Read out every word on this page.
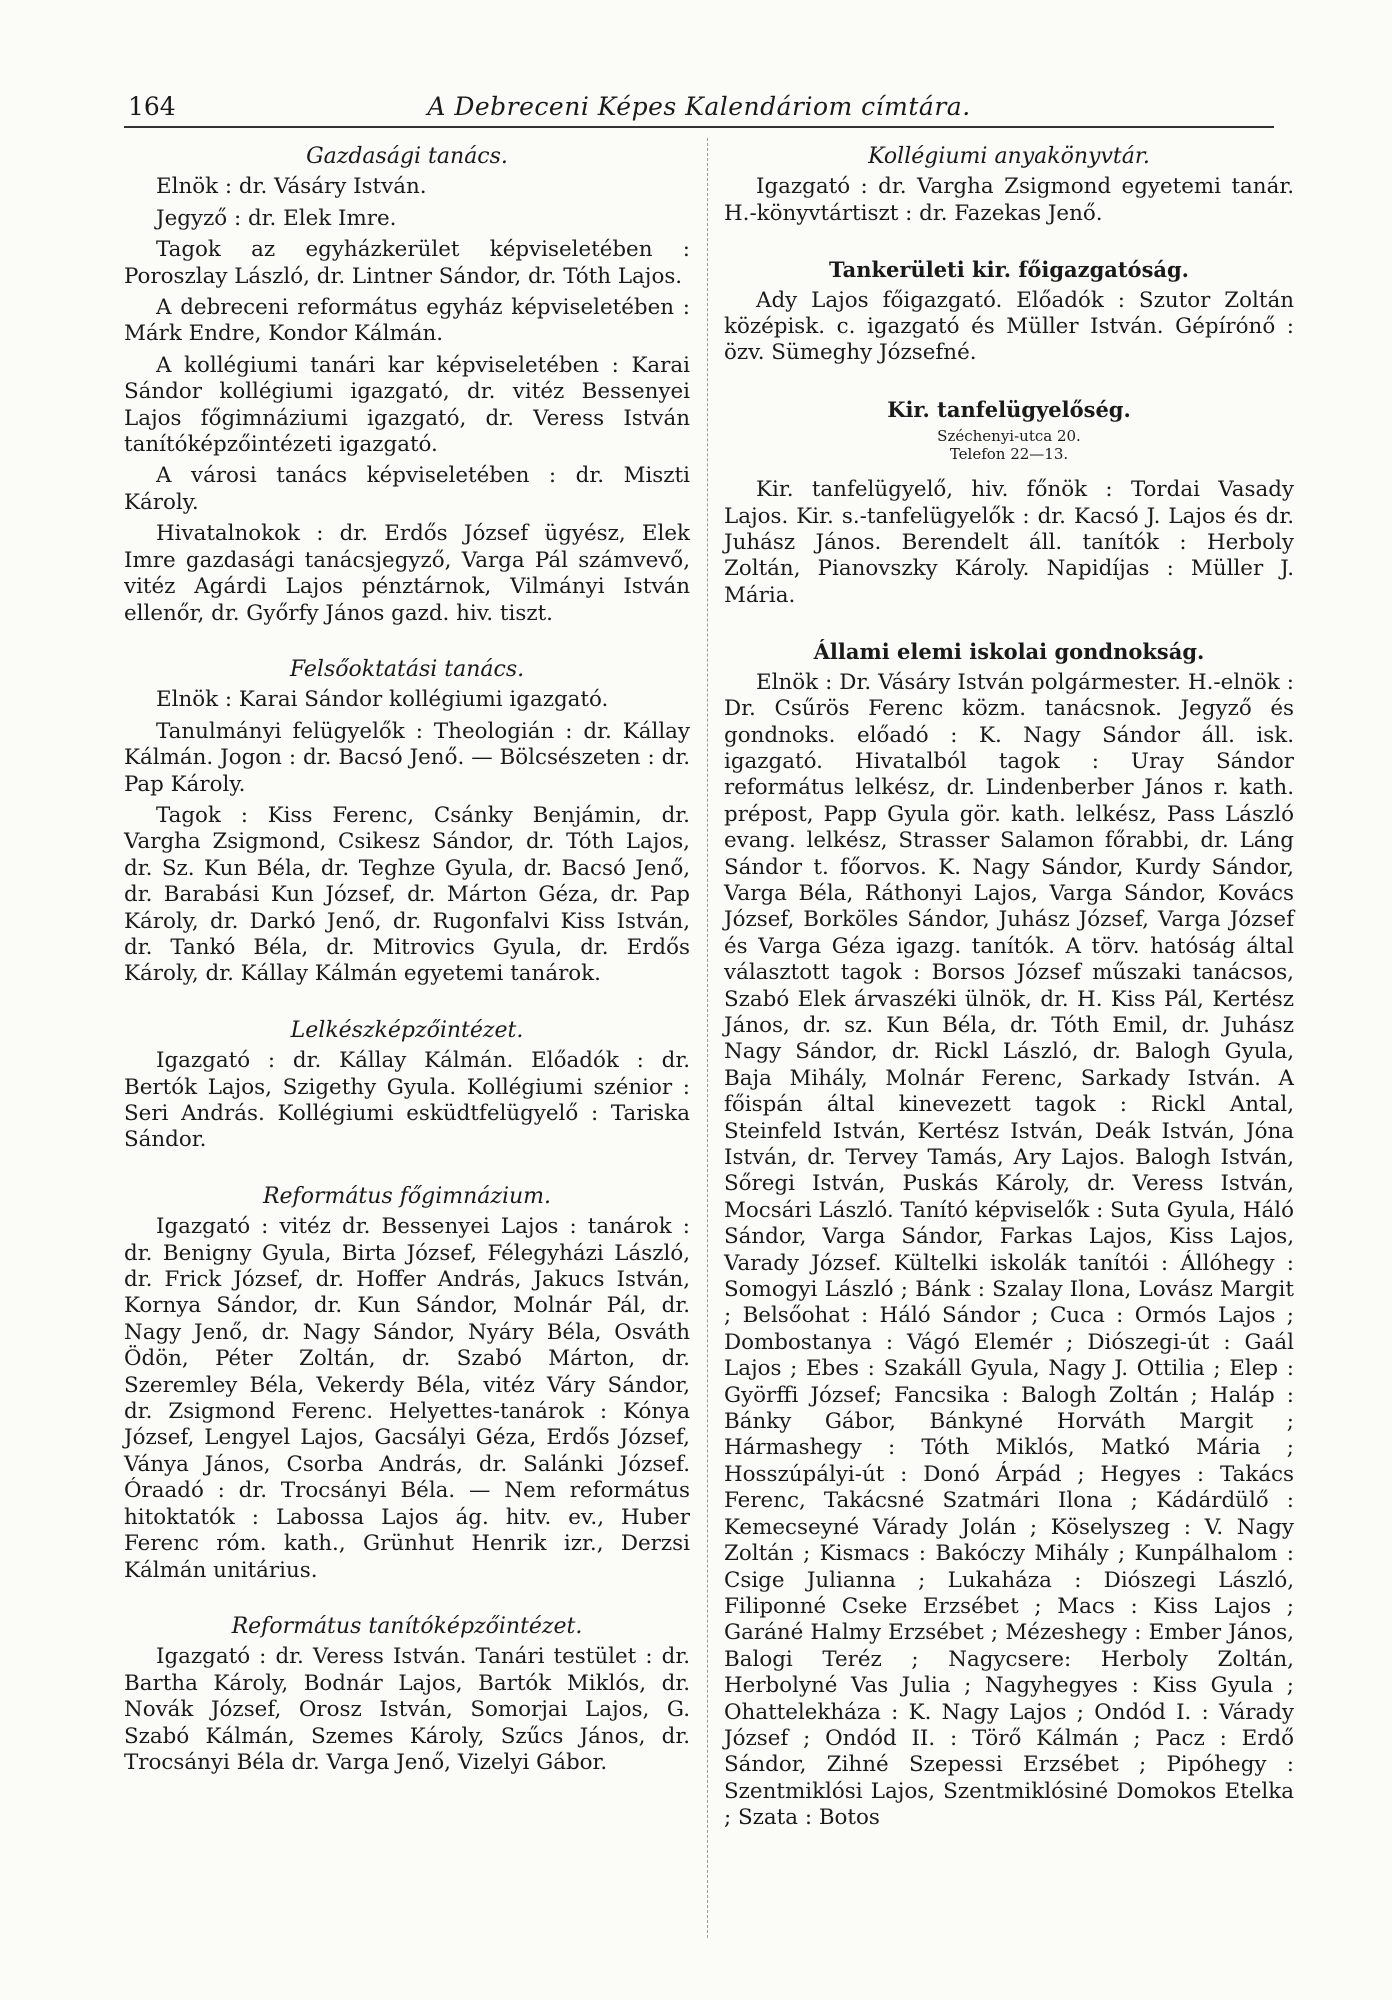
164	A Debreceni Képes Kalendáriom címtára.
Gazdasági tanács.

Elnök : dr. Vásáry István.

Jegyző : dr. Elek Imre.

Tagok az egyházkerület képviseletében : Poroszlay László, dr. Lintner Sándor, dr. Tóth Lajos.

A debreceni református egyház képviseletében : Márk Endre, Kondor Kálmán.

A kollégiumi tanári kar képviseletében : Karai Sándor kollégiumi igazgató, dr. vitéz Bessenyei Lajos főgimnáziumi igazgató, dr. Veress István tanítóképzőintézeti igazgató.

A városi tanács képviseletében : dr. Miszti Károly.

Hivatalnokok : dr. Erdős József ügyész, Elek Imre gazdasági tanácsjegyző, Varga Pál számvevő, vitéz Agárdi Lajos pénztárnok, Vilmányi István ellenőr, dr. Győrfy János gazd. hiv. tiszt.

Felsőoktatási tanács.

Elnök : Karai Sándor kollégiumi igazgató.

Tanulmányi felügyelők : Theologián : dr. Kállay Kálmán. Jogon : dr. Bacsó Jenő. — Bölcsészeten : dr. Pap Károly.

Tagok : Kiss Ferenc, Csánky Benjámin, dr. Vargha Zsigmond, Csikesz Sándor, dr. Tóth Lajos, dr. Sz. Kun Béla, dr. Teghze Gyula, dr. Bacsó Jenő, dr. Barabási Kun József, dr. Márton Géza, dr. Pap Károly, dr. Darkó Jenő, dr. Rugonfalvi Kiss István, dr. Tankó Béla, dr. Mitrovics Gyula, dr. Erdős Károly, dr. Kállay Kálmán egyetemi tanárok.

Lelkészképzőintézet.

Igazgató : dr. Kállay Kálmán. Előadók : dr. Bertók Lajos, Szigethy Gyula. Kollégiumi szénior : Seri András. Kollégiumi esküdtfelügyelő : Tariska Sándor.

Református főgimnázium.

Igazgató : vitéz dr. Bessenyei Lajos : tanárok : dr. Benigny Gyula, Birta József, Félegyházi László, dr. Frick József, dr. Hoffer András, Jakucs István, Kornya Sándor, dr. Kun Sándor, Molnár Pál, dr. Nagy Jenő, dr. Nagy Sándor, Nyáry Béla, Osváth Ödön, Péter Zoltán, dr. Szabó Márton, dr. Szeremley Béla, Vekerdy Béla, vitéz Váry Sándor, dr. Zsigmond Ferenc. Helyettes-tanárok : Kónya József, Lengyel Lajos, Gacsályi Géza, Erdős József, Ványa János, Csorba András, dr. Salánki József. Óraadó : dr. Trocsányi Béla. — Nem református hitoktatók : Labossa Lajos ág. hitv. ev., Huber Ferenc róm. kath., Grünhut Henrik izr., Derzsi Kálmán unitárius.

Református tanítóképzőintézet.

Igazgató : dr. Veress István. Tanári testület : dr. Bartha Károly, Bodnár Lajos, Bartók Miklós, dr. Novák József, Orosz István, Somorjai Lajos, G. Szabó Kálmán, Szemes Károly, Szűcs János, dr. Trocsányi Béla dr. Varga Jenő, Vizelyi Gábor.

Kollégiumi anyakönyvtár.

Igazgató : dr. Vargha Zsigmond egyetemi tanár. H.-könyvtártiszt : dr. Fazekas Jenő.

Tankerületi kir. főigazgatóság.

Ady Lajos főigazgató. Előadók : Szutor Zoltán középisk. c. igazgató és Müller István. Gépírónő : özv. Sümeghy Józsefné.

Kir. tanfelügyelőség.
Széchenyi-utca 20.
Telefon 22—13.

Kir. tanfelügyelő, hiv. főnök : Tordai Vasady Lajos. Kir. s.-tanfelügyelők : dr. Kacsó J. Lajos és dr. Juhász János. Berendelt áll. tanítók : Herboly Zoltán, Pianovszky Károly. Napidíjas : Müller J. Mária.

Állami elemi iskolai gondnokság.

Elnök : Dr. Vásáry István polgármester. H.-elnök : Dr. Csűrös Ferenc közm. tanácsnok. Jegyző és gondnoks. előadó : K. Nagy Sándor áll. isk. igazgató. Hivatalból tagok : Uray Sándor református lelkész, dr. Lindenberber János r. kath. prépost, Papp Gyula gör. kath. lelkész, Pass László evang. lelkész, Strasser Salamon főrabbi, dr. Láng Sándor t. főorvos. K. Nagy Sándor, Kurdy Sándor, Varga Béla, Ráthonyi Lajos, Varga Sándor, Kovács József, Borköles Sándor, Juhász József, Varga József és Varga Géza igazg. tanítók. A törv. hatóság által választott tagok : Borsos József műszaki tanácsos, Szabó Elek árvaszéki ülnök, dr. H. Kiss Pál, Kertész János, dr. sz. Kun Béla, dr. Tóth Emil, dr. Juhász Nagy Sándor, dr. Rickl László, dr. Balogh Gyula, Baja Mihály, Molnár Ferenc, Sarkady István. A főispán által kinevezett tagok : Rickl Antal, Steinfeld István, Kertész István, Deák István, Jóna István, dr. Tervey Tamás, Ary Lajos. Balogh István, Sőregi István, Puskás Károly, dr. Veress István, Mocsári László. Tanító képviselők : Suta Gyula, Háló Sándor, Varga Sándor, Farkas Lajos, Kiss Lajos, Varady József. Kültelki iskolák tanítói : Állóhegy : Somogyi László ; Bánk : Szalay Ilona, Lovász Margit ; Belsőohat : Háló Sándor ; Cuca : Ormós Lajos ; Dombostanya : Vágó Elemér ; Diószegi-út : Gaál Lajos ; Ebes : Szakáll Gyula, Nagy J. Ottilia ; Elep : Györffi József; Fancsika : Balogh Zoltán ; Haláp : Bánky Gábor, Bánkyné Horváth Margit ; Hármashegy : Tóth Miklós, Matkó Mária ; Hosszúpályi-út : Donó Árpád ; Hegyes : Takács Ferenc, Takácsné Szatmári Ilona ; Kádárdülő : Kemecseyné Várady Jolán ; Köselyszeg : V. Nagy Zoltán ; Kismacs : Bakóczy Mihály ; Kunpálhalom : Csige Julianna ; Lukaháza : Diószegi László, Filiponné Cseke Erzsébet ; Macs : Kiss Lajos ; Garáné Halmy Erzsébet ; Mézeshegy : Ember János, Balogi Teréz ; Nagycsere: Herboly Zoltán, Herbolyné Vas Julia ; Nagyhegyes : Kiss Gyula ; Ohattelekháza : K. Nagy Lajos ; Ondód I. : Várady József ; Ondód II. : Törő Kálmán ; Pacz : Erdő Sándor, Zihné Szepessi Erzsébet ; Pipóhegy : Szentmiklósi Lajos, Szentmiklósiné Domokos Etelka ; Szata : Botos
